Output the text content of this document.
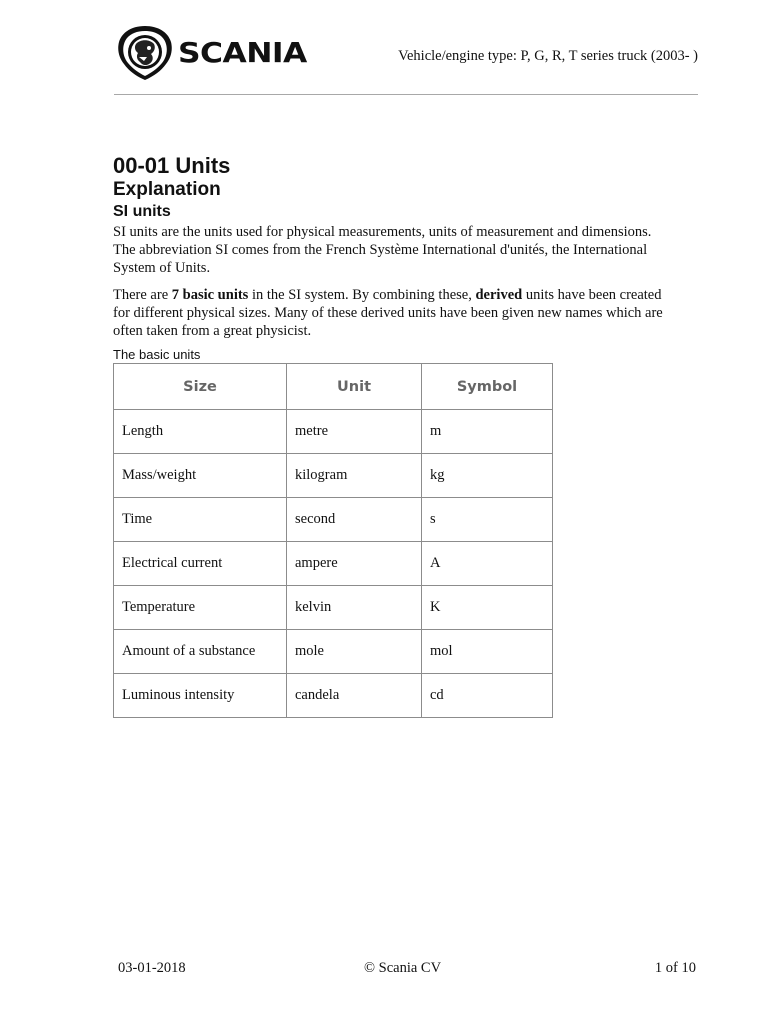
SCANIA	Vehicle/engine type: P, G, R, T series truck (2003- )
00-01 Units
Explanation
SI units

SI units are the units used for physical measurements, units of measurement and dimensions. The abbreviation SI comes from the French Système International d'unités, the International System of Units.

There are 7 basic units in the SI system. By combining these, derived units have been created for different physical sizes. Many of these derived units have been given new names which are often taken from a great physicist.

The basic units
Size	Unit	Symbol
Length	metre	m
Mass/weight	kilogram	kg
Time	second	s
Electrical current	ampere	A
Temperature	kelvin	K
Amount of a substance	mole	mol
Luminous intensity	candela	cd
03-01-2018	© Scania CV	1 of 10
